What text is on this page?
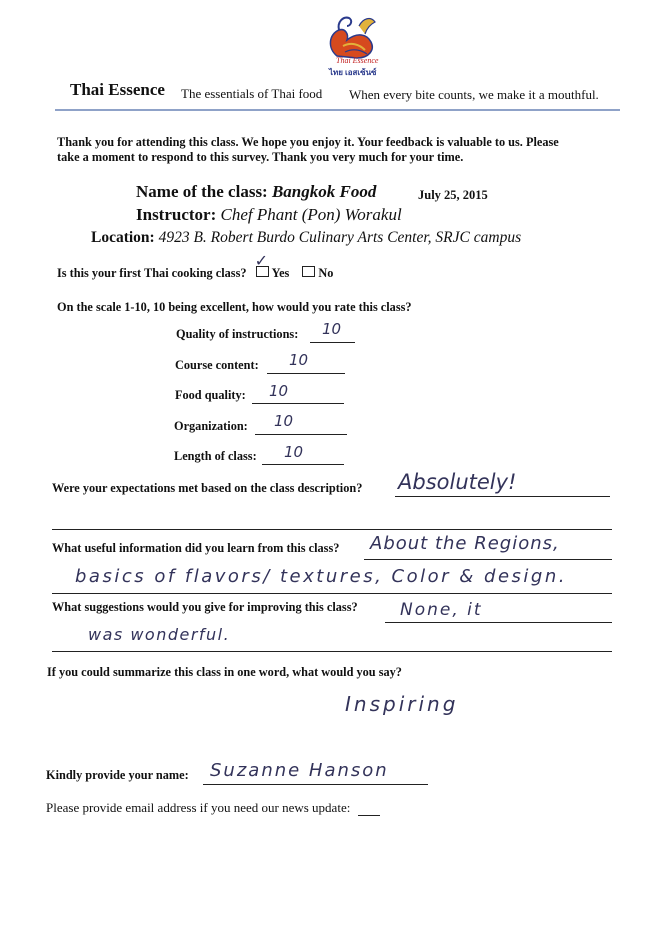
Thai Essence
ไทย เอสเซ้นซ์
Thai Essence The essentials of Thai food When every bite counts, we make it a mouthful.
Thank you for attending this class. We hope you enjoy it. Your feedback is valuable to us. Please
take a moment to respond to this survey. Thank you very much for your time.
Name of the class: Bangkok Food	July 25, 2015
Instructor: Chef Phant (Pon) Worakul
Location: 4923 B. Robert Burdo Culinary Arts Center, SRJC campus
Is this your first Thai cooking class?
✓
Yes No
On the scale 1-10, 10 being excellent, how would you rate this class?
Quality of instructions: 10
Course content: 10
Food quality: 10
Organization: 10
Length of class: 10
Were your expectations met based on the class description? Absolutely!
What useful information did you learn from this class? About the Regions,
basics of flavors/ textures, Color & design.
What suggestions would you give for improving this class? None, it
was wonderful.
If you could summarize this class in one word, what would you say?
Inspiring
Kindly provide your name: Suzanne Hanson
Please provide email address if you need our news update:
